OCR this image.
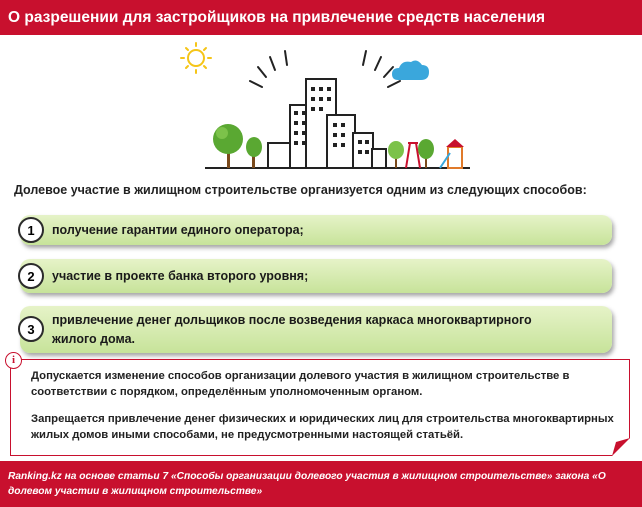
О разрешении для застройщиков на привлечение средств населения
Долевое участие в жилищном строительстве организуется одним из следующих способов:
1	получение гарантии единого оператора;
2	участие в проекте банка второго уровня;
3
привлечение денег дольщиков после возведения каркаса многоквартирного жилого дома.
i

Допускается изменение способов организации долевого участия в жилищном строительстве в соответствии с порядком, определённым уполномоченным органом.

Запрещается привлечение денег физических и юридических лиц для строительства многоквартирных жилых домов иными способами, не предусмотренными настоящей статьёй.

Ranking.kz на основе статьи 7 «Способы организации долевого участия в жилищном строительстве» закона «О долевом участии в жилищном строительстве»
